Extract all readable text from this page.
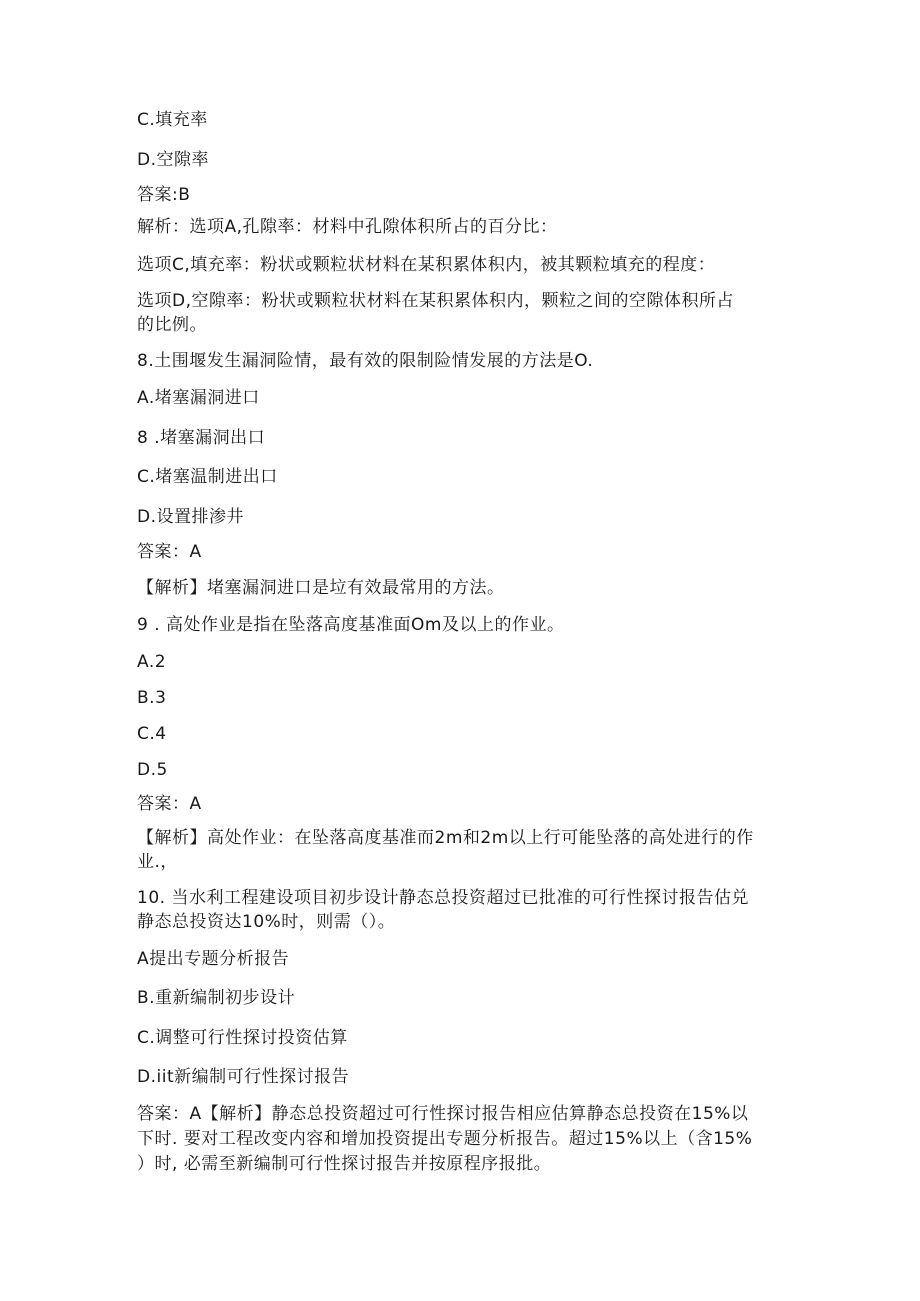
C.填充率
D.空隙率
答案:B
解析：选项A,孔隙率：材料中孔隙体积所占的百分比：
选项C,填充率：粉状或颗粒状材料在某积累体积内，被其颗粒填充的程度：
选项D,空隙率：粉状或颗粒状材料在某积累体积内，颗粒之间的空隙体积所占
的比例。
8.土围堰发生漏洞险情，最有效的限制险情发展的方法是O.
A.堵塞漏洞进口
8 .堵塞漏洞出口
C.堵塞温制进出口
D.设置排渗井
答案：A
【解析】堵塞漏洞进口是垃有效最常用的方法。
9 . 高处作业是指在坠落高度基准面Om及以上的作业。
A.2
B.3
C.4
D.5
答案：A
【解析】高处作业：在坠落高度基准而2m和2m以上行可能坠落的高处进行的作
业.，
10. 当水利工程建设项目初步设计静态总投资超过已批准的可行性探讨报告估兑
静态总投资达10%时，则需（）。
A提出专题分析报告
B.重新编制初步设计
C.调整可行性探讨投资估算
D.iit新编制可行性探讨报告
答案：A【解析】静态总投资超过可行性探讨报告相应估算静态总投资在15%以
下时. 要对工程改变内容和增加投资提出专题分析报告。超过15%以上（含15%
）时, 必需至新编制可行性探讨报告并按原程序报批。
